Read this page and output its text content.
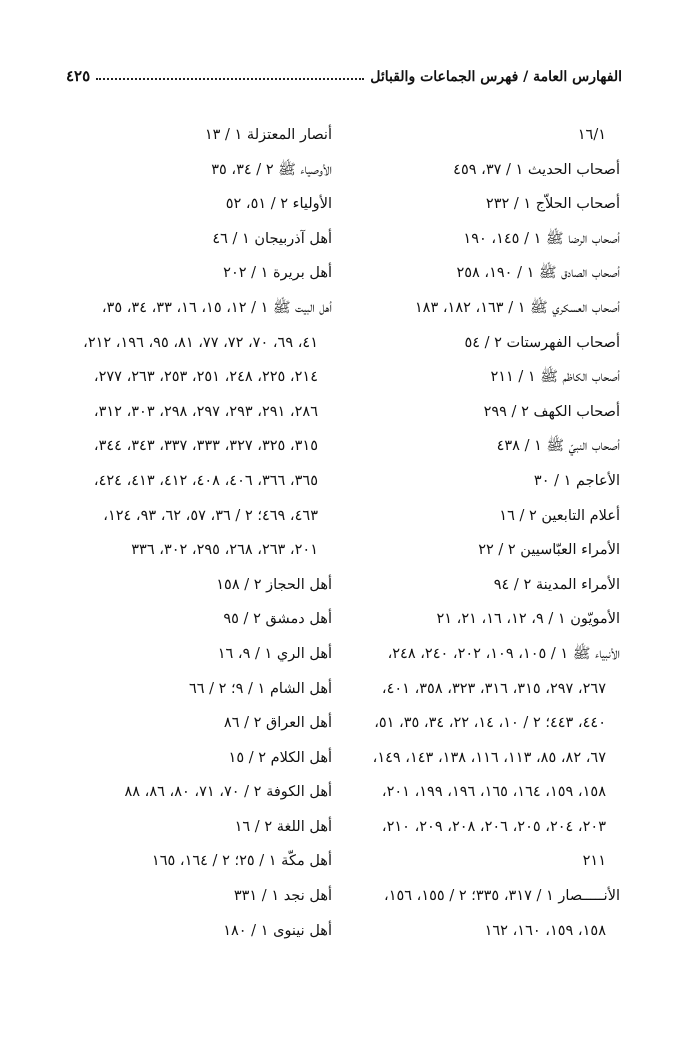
الفهارس العامة / فهرس الجماعات والقبائل
٤٢٥
١٦/١
أصحاب الحديث ١ / ٣٧، ٤٥٩
أصحاب الحلاّج ١ / ٢٣٢
أصحاب الرضا ﷺ ١ / ١٤٥، ١٩٠
أصحاب الصادق ﷺ ١ / ١٩٠، ٢٥٨
أصحاب العسكري ﷺ ١ / ١٦٣، ١٨٢، ١٨٣
أصحاب الفهرستات ٢ / ٥٤
أصحاب الكاظم ﷺ ١ / ٢١١
أصحاب الكهف ٢ / ٢٩٩
أصحاب النبيّ ﷺ ١ / ٤٣٨
الأعاجم ١ / ٣٠
أعلام التابعين ٢ / ١٦
الأمراء العبّاسيين ٢ / ٢٢
الأمراء المدينة ٢ / ٩٤
الأمويّون ١ / ٩، ١٢، ١٦، ٢١، ٢١
الأنبياء ﷺ ١ / ١٠٥، ١٠٩، ٢٠٢، ٢٤٠، ٢٤٨،
٢٦٧، ٢٩٧، ٣١٥، ٣١٦، ٣٢٣، ٣٥٨، ٤٠١،
٤٤٠، ٤٤٣؛ ٢ / ١٠، ١٤، ٢٢، ٣٤، ٣٥، ٥١،
٦٧، ٨٢، ٨٥، ١١٣، ١١٦، ١٣٨، ١٤٣، ١٤٩،
١٥٨، ١٥٩، ١٦٤، ١٦٥، ١٩٦، ١٩٩، ٢٠١،
٢٠٣، ٢٠٤، ٢٠٥، ٢٠٦، ٢٠٨، ٢٠٩، ٢١٠،
٢١١
الأنـــــصار ١ / ٣١٧، ٣٣٥؛ ٢ / ١٥٥، ١٥٦،
١٥٨، ١٥٩، ١٦٠، ١٦٢
أنصار المعتزلة ١ / ١٣
الأوصياء ﷺ ٢ / ٣٤، ٣٥
الأولياء ٢ / ٥١، ٥٢
أهل آذربيجان ١ / ٤٦
أهل بريرة ١ / ٢٠٢
أهل البيت ﷺ ١ / ١٢، ١٥، ١٦، ٣٣، ٣٤، ٣٥،
٤١، ٦٩، ٧٠، ٧٢، ٧٧، ٨١، ٩٥، ١٩٦، ٢١٢،
٢١٤، ٢٢٥، ٢٤٨، ٢٥١، ٢٥٣، ٢٦٣، ٢٧٧،
٢٨٦، ٢٩١، ٢٩٣، ٢٩٧، ٢٩٨، ٣٠٣، ٣١٢،
٣١٥، ٣٢٥، ٣٢٧، ٣٣٣، ٣٣٧، ٣٤٣، ٣٤٤،
٣٦٥، ٣٦٦، ٤٠٦، ٤٠٨، ٤١٢، ٤١٣، ٤٢٤،
٤٦٣، ٤٦٩؛ ٢ / ٣٦، ٥٧، ٦٢، ٩٣، ١٢٤،
٢٠١، ٢٦٣، ٢٦٨، ٢٩٥، ٣٠٢، ٣٣٦
أهل الحجاز ٢ / ١٥٨
أهل دمشق ٢ / ٩٥
أهل الري ١ / ٩، ١٦
أهل الشام ١ / ٩؛ ٢ / ٦٦
أهل العراق ٢ / ٨٦
أهل الكلام ٢ / ١٥
أهل الكوفة ٢ / ٧٠، ٧١، ٨٠، ٨٦، ٨٨
أهل اللغة ٢ / ١٦
أهل مكّة ١ / ٢٥؛ ٢ / ١٦٤، ١٦٥
أهل نجد ١ / ٣٣١
أهل نينوى ١ / ١٨٠
